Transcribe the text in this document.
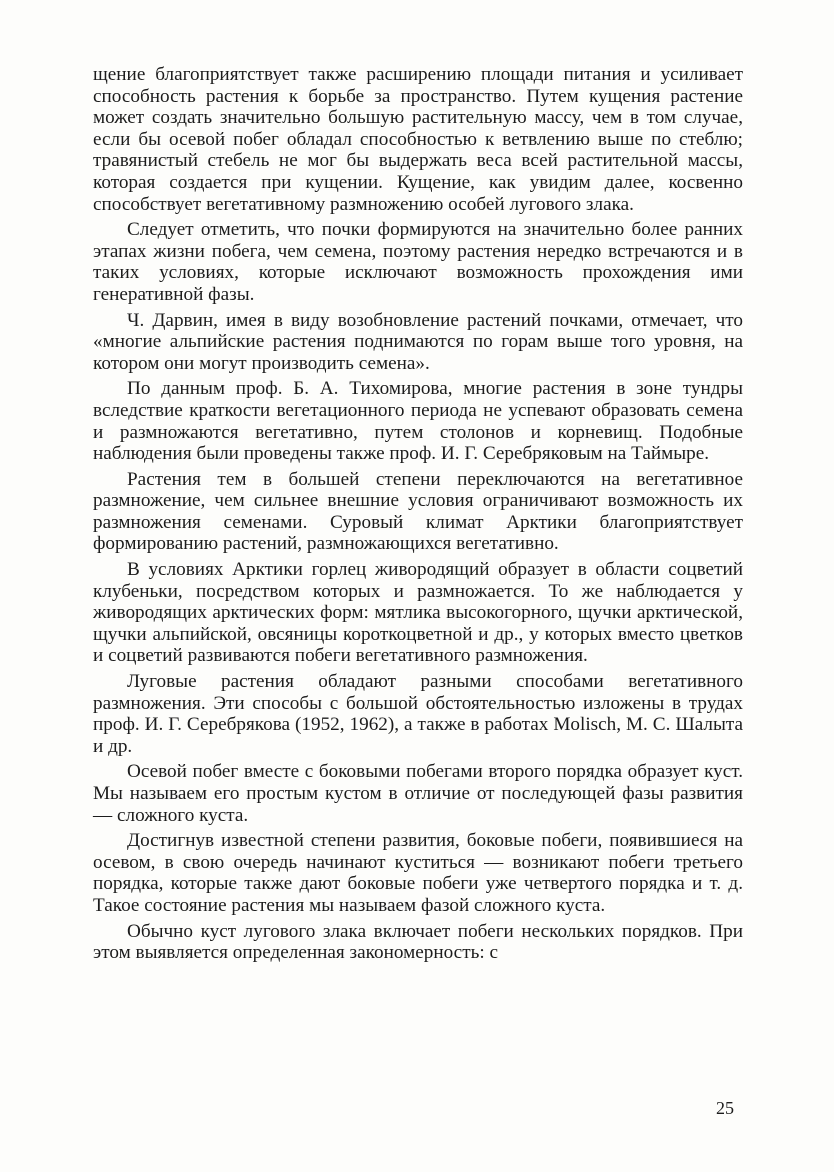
щение благоприятствует также расширению площади питания и усиливает способность растения к борьбе за пространство. Путем кущения растение может создать значительно большую растительную массу, чем в том случае, если бы осевой побег обладал способностью к ветвлению выше по стеблю; травянистый стебель не мог бы выдержать веса всей растительной массы, которая создается при кущении. Кущение, как увидим далее, косвенно способствует вегетативному размножению особей лугового злака.

Следует отметить, что почки формируются на значительно более ранних этапах жизни побега, чем семена, поэтому растения нередко встречаются и в таких условиях, которые исключают возможность прохождения ими генеративной фазы.

Ч. Дарвин, имея в виду возобновление растений почками, отмечает, что «многие альпийские растения поднимаются по горам выше того уровня, на котором они могут производить семена».

По данным проф. Б. А. Тихомирова, многие растения в зоне тундры вследствие краткости вегетационного периода не успевают образовать семена и размножаются вегетативно, путем столонов и корневищ. Подобные наблюдения были проведены также проф. И. Г. Серебряковым на Таймыре.

Растения тем в большей степени переключаются на вегетативное размножение, чем сильнее внешние условия ограничивают возможность их размножения семенами. Суровый климат Арктики благоприятствует формированию растений, размножающихся вегетативно.

В условиях Арктики горлец живородящий образует в области соцветий клубеньки, посредством которых и размножается. То же наблюдается у живородящих арктических форм: мятлика высокогорного, щучки арктической, щучки альпийской, овсяницы короткоцветной и др., у которых вместо цветков и соцветий развиваются побеги вегетативного размножения.

Луговые растения обладают разными способами вегетативного размножения. Эти способы с большой обстоятельностью изложены в трудах проф. И. Г. Серебрякова (1952, 1962), а также в работах Molisch, М. С. Шалыта и др.

Осевой побег вместе с боковыми побегами второго порядка образует куст. Мы называем его простым кустом в отличие от последующей фазы развития — сложного куста.

Достигнув известной степени развития, боковые побеги, появившиеся на осевом, в свою очередь начинают куститься — возникают побеги третьего порядка, которые также дают боковые побеги уже четвертого порядка и т. д. Такое состояние растения мы называем фазой сложного куста.

Обычно куст лугового злака включает побеги нескольких порядков. При этом выявляется определенная закономерность: с

25
